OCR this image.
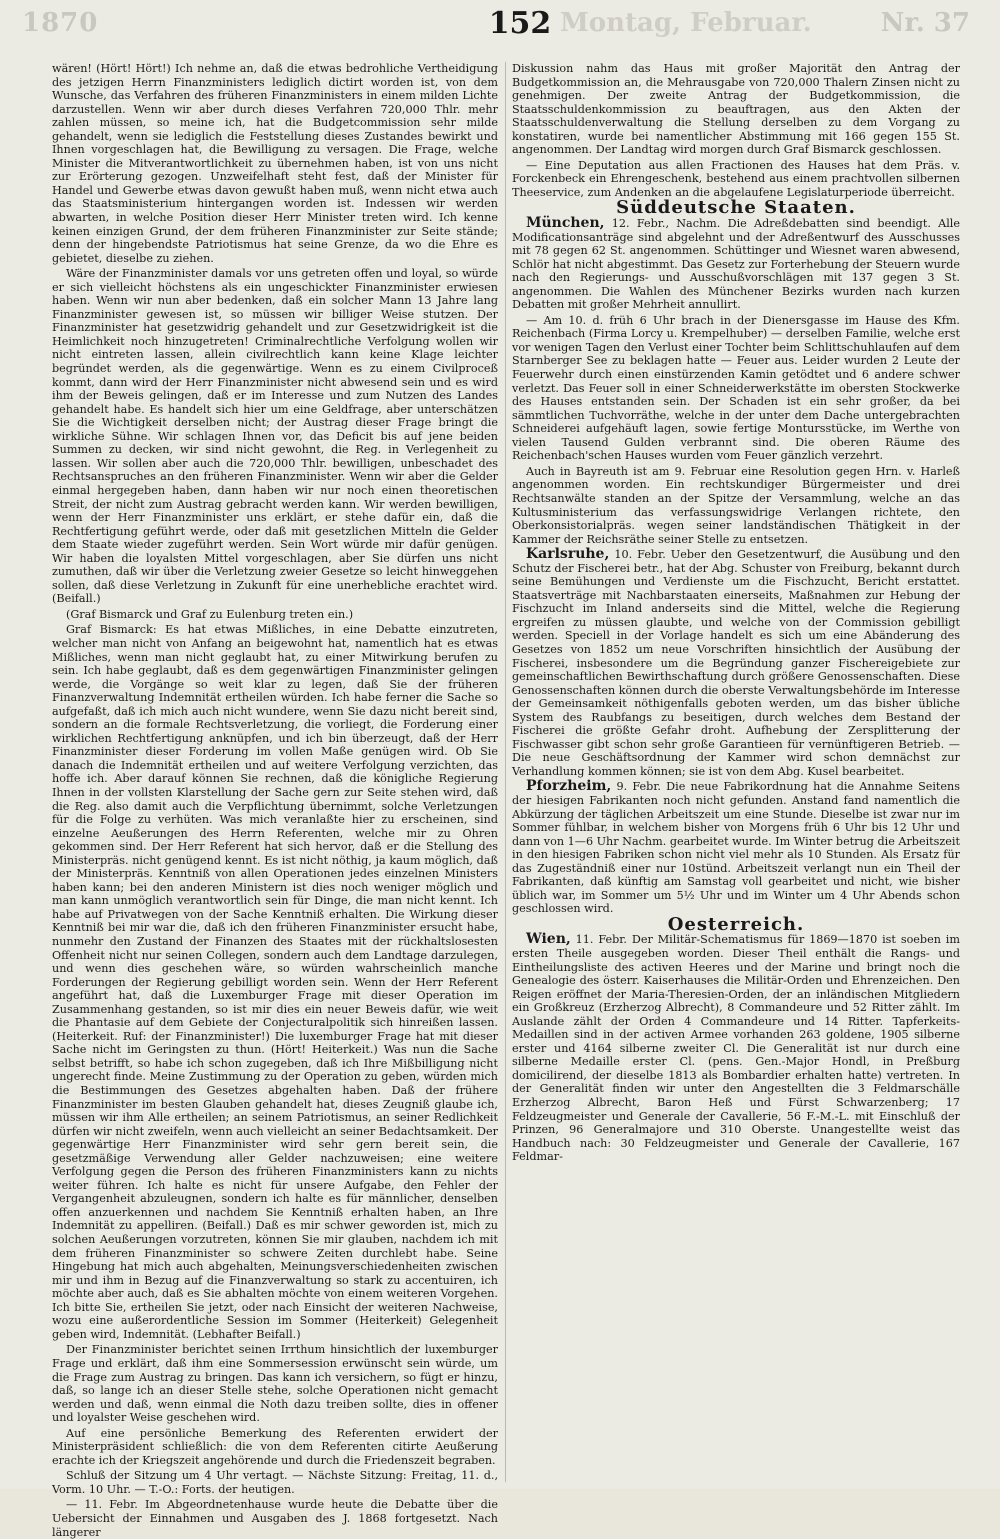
1870	152 Montag, Februar.	Nr. 37

wären! (Hört! Hört!) Ich nehme an, daß die etwas bedrohliche Vertheidigung des jetzigen Herrn Finanzministers lediglich dictirt worden ist, von dem Wunsche, das Verfahren des früheren Finanzministers in einem milden Lichte darzustellen. Wenn wir aber durch dieses Verfahren 720,000 Thlr. mehr zahlen müssen, so meine ich, hat die Budgetcommission sehr milde gehandelt, wenn sie lediglich die Feststellung dieses Zustandes bewirkt und Ihnen vorgeschlagen hat, die Bewilligung zu versagen. Die Frage, welche Minister die Mitverantwortlichkeit zu übernehmen haben, ist von uns nicht zur Erörterung gezogen. Unzweifelhaft steht fest, daß der Minister für Handel und Gewerbe etwas davon gewußt haben muß, wenn nicht etwa auch das Staatsministerium hintergangen worden ist. Indessen wir werden abwarten, in welche Position dieser Herr Minister treten wird. Ich kenne keinen einzigen Grund, der dem früheren Finanzminister zur Seite stände; denn der hingebendste Patriotismus hat seine Grenze, da wo die Ehre es gebietet, dieselbe zu ziehen.

Wäre der Finanzminister damals vor uns getreten offen und loyal, so würde er sich vielleicht höchstens als ein ungeschickter Finanzminister erwiesen haben. Wenn wir nun aber bedenken, daß ein solcher Mann 13 Jahre lang Finanzminister gewesen ist, so müssen wir billiger Weise stutzen. Der Finanzminister hat gesetzwidrig gehandelt und zur Gesetzwidrigkeit ist die Heimlichkeit noch hinzugetreten! Criminalrechtliche Verfolgung wollen wir nicht eintreten lassen, allein civilrechtlich kann keine Klage leichter begründet werden, als die gegenwärtige. Wenn es zu einem Civilproceß kommt, dann wird der Herr Finanzminister nicht abwesend sein und es wird ihm der Beweis gelingen, daß er im Interesse und zum Nutzen des Landes gehandelt habe. Es handelt sich hier um eine Geldfrage, aber unterschätzen Sie die Wichtigkeit derselben nicht; der Austrag dieser Frage bringt die wirkliche Sühne. Wir schlagen Ihnen vor, das Deficit bis auf jene beiden Summen zu decken, wir sind nicht gewohnt, die Reg. in Verlegenheit zu lassen. Wir sollen aber auch die 720,000 Thlr. bewilligen, unbeschadet des Rechtsanspruches an den früheren Finanzminister. Wenn wir aber die Gelder einmal hergegeben haben, dann haben wir nur noch einen theoretischen Streit, der nicht zum Austrag gebracht werden kann. Wir werden bewilligen, wenn der Herr Finanzminister uns erklärt, er stehe dafür ein, daß die Rechtfertigung geführt werde, oder daß mit gesetzlichen Mitteln die Gelder dem Staate wieder zugeführt werden. Sein Wort würde mir dafür genügen. Wir haben die loyalsten Mittel vorgeschlagen, aber Sie dürfen uns nicht zumuthen, daß wir über die Verletzung zweier Gesetze so leicht hinweggehen sollen, daß diese Verletzung in Zukunft für eine unerhebliche erachtet wird. (Beifall.)

(Graf Bismarck und Graf zu Eulenburg treten ein.)

Graf Bismarck: Es hat etwas Mißliches, in eine Debatte einzutreten, welcher man nicht von Anfang an beigewohnt hat, namentlich hat es etwas Mißliches, wenn man nicht geglaubt hat, zu einer Mitwirkung berufen zu sein. Ich habe geglaubt, daß es dem gegenwärtigen Finanzminister gelingen werde, die Vorgänge so weit klar zu legen, daß Sie der früheren Finanzverwaltung Indemnität ertheilen würden. Ich habe ferner die Sache so aufgefaßt, daß ich mich auch nicht wundere, wenn Sie dazu nicht bereit sind, sondern an die formale Rechtsverletzung, die vorliegt, die Forderung einer wirklichen Rechtfertigung anknüpfen, und ich bin überzeugt, daß der Herr Finanzminister dieser Forderung im vollen Maße genügen wird. Ob Sie danach die Indemnität ertheilen und auf weitere Verfolgung verzichten, das hoffe ich. Aber darauf können Sie rechnen, daß die königliche Regierung Ihnen in der vollsten Klarstellung der Sache gern zur Seite stehen wird, daß die Reg. also damit auch die Verpflichtung übernimmt, solche Verletzungen für die Folge zu verhüten. Was mich veranlaßte hier zu erscheinen, sind einzelne Aeußerungen des Herrn Referenten, welche mir zu Ohren gekommen sind. Der Herr Referent hat sich hervor, daß er die Stellung des Ministerpräs. nicht genügend kennt. Es ist nicht nöthig, ja kaum möglich, daß der Ministerpräs. Kenntniß von allen Operationen jedes einzelnen Ministers haben kann; bei den anderen Ministern ist dies noch weniger möglich und man kann unmöglich verantwortlich sein für Dinge, die man nicht kennt. Ich habe auf Privatwegen von der Sache Kenntniß erhalten. Die Wirkung dieser Kenntniß bei mir war die, daß ich den früheren Finanzminister ersucht habe, nunmehr den Zustand der Finanzen des Staates mit der rückhaltslosesten Offenheit nicht nur seinen Collegen, sondern auch dem Landtage darzulegen, und wenn dies geschehen wäre, so würden wahrscheinlich manche Forderungen der Regierung gebilligt worden sein. Wenn der Herr Referent angeführt hat, daß die Luxemburger Frage mit dieser Operation im Zusammenhang gestanden, so ist mir dies ein neuer Beweis dafür, wie weit die Phantasie auf dem Gebiete der Conjecturalpolitik sich hinreißen lassen. (Heiterkeit. Ruf: der Finanzminister!) Die luxemburger Frage hat mit dieser Sache nicht im Geringsten zu thun. (Hört! Heiterkeit.) Was nun die Sache selbst betrifft, so habe ich schon zugegeben, daß ich Ihre Mißbilligung nicht ungerecht finde. Meine Zustimmung zu der Operation zu geben, würden mich die Bestimmungen des Gesetzes abgehalten haben. Daß der frühere Finanzminister im besten Glauben gehandelt hat, dieses Zeugniß glaube ich, müssen wir ihm Alle ertheilen; an seinem Patriotismus, an seiner Redlichkeit dürfen wir nicht zweifeln, wenn auch vielleicht an seiner Bedachtsamkeit. Der gegenwärtige Herr Finanzminister wird sehr gern bereit sein, die gesetzmäßige Verwendung aller Gelder nachzuweisen; eine weitere Verfolgung gegen die Person des früheren Finanzministers kann zu nichts weiter führen. Ich halte es nicht für unsere Aufgabe, den Fehler der Vergangenheit abzuleugnen, sondern ich halte es für männlicher, denselben offen anzuerkennen und nachdem Sie Kenntniß erhalten haben, an Ihre Indemnität zu appelliren. (Beifall.) Daß es mir schwer geworden ist, mich zu solchen Aeußerungen vorzutreten, können Sie mir glauben, nachdem ich mit dem früheren Finanzminister so schwere Zeiten durchlebt habe. Seine Hingebung hat mich auch abgehalten, Meinungsverschiedenheiten zwischen mir und ihm in Bezug auf die Finanzverwaltung so stark zu accentuiren, ich möchte aber auch, daß es Sie abhalten möchte von einem weiteren Vorgehen. Ich bitte Sie, ertheilen Sie jetzt, oder nach Einsicht der weiteren Nachweise, wozu eine außerordentliche Session im Sommer (Heiterkeit) Gelegenheit geben wird, Indemnität. (Lebhafter Beifall.)

Der Finanzminister berichtet seinen Irrthum hinsichtlich der luxemburger Frage und erklärt, daß ihm eine Sommersession erwünscht sein würde, um die Frage zum Austrag zu bringen. Das kann ich versichern, so fügt er hinzu, daß, so lange ich an dieser Stelle stehe, solche Operationen nicht gemacht werden und daß, wenn einmal die Noth dazu treiben sollte, dies in offener und loyalster Weise geschehen wird.

Auf eine persönliche Bemerkung des Referenten erwidert der Ministerpräsident schließlich: die von dem Referenten citirte Aeußerung erachte ich der Kriegszeit angehörende und durch die Friedenszeit begraben.

Schluß der Sitzung um 4 Uhr vertagt. — Nächste Sitzung: Freitag, 11. d., Vorm. 10 Uhr. — T.-O.: Forts. der heutigen.

— 11. Febr. Im Abgeordnetenhause wurde heute die Debatte über die Uebersicht der Einnahmen und Ausgaben des J. 1868 fortgesetzt. Nach längerer

Diskussion nahm das Haus mit großer Majorität den Antrag der Budgetkommission an, die Mehrausgabe von 720,000 Thalern Zinsen nicht zu genehmigen. Der zweite Antrag der Budgetkommission, die Staatsschuldenkommission zu beauftragen, aus den Akten der Staatsschuldenverwaltung die Stellung derselben zu dem Vorgang zu konstatiren, wurde bei namentlicher Abstimmung mit 166 gegen 155 St. angenommen. Der Landtag wird morgen durch Graf Bismarck geschlossen.

— Eine Deputation aus allen Fractionen des Hauses hat dem Präs. v. Forckenbeck ein Ehrengeschenk, bestehend aus einem prachtvollen silbernen Theeservice, zum Andenken an die abgelaufene Legislaturperiode überreicht.

Süddeutsche Staaten.

München, 12. Febr., Nachm. Die Adreßdebatten sind beendigt. Alle Modificationsanträge sind abgelehnt und der Adreßentwurf des Ausschusses mit 78 gegen 62 St. angenommen. Schüttinger und Wiesnet waren abwesend, Schlör hat nicht abgestimmt. Das Gesetz zur Forterhebung der Steuern wurde nach den Regierungs- und Ausschußvorschlägen mit 137 gegen 3 St. angenommen. Die Wahlen des Münchener Bezirks wurden nach kurzen Debatten mit großer Mehrheit annullirt.

— Am 10. d. früh 6 Uhr brach in der Dienersgasse im Hause des Kfm. Reichenbach (Firma Lorcy u. Krempelhuber) — derselben Familie, welche erst vor wenigen Tagen den Verlust einer Tochter beim Schlittschuhlaufen auf dem Starnberger See zu beklagen hatte — Feuer aus. Leider wurden 2 Leute der Feuerwehr durch einen einstürzenden Kamin getödtet und 6 andere schwer verletzt. Das Feuer soll in einer Schneiderwerkstätte im obersten Stockwerke des Hauses entstanden sein. Der Schaden ist ein sehr großer, da bei sämmtlichen Tuchvorräthe, welche in der unter dem Dache untergebrachten Schneiderei aufgehäuft lagen, sowie fertige Montursstücke, im Werthe von vielen Tausend Gulden verbrannt sind. Die oberen Räume des Reichenbach'schen Hauses wurden vom Feuer gänzlich verzehrt.

Auch in Bayreuth ist am 9. Februar eine Resolution gegen Hrn. v. Harleß angenommen worden. Ein rechtskundiger Bürgermeister und drei Rechtsanwälte standen an der Spitze der Versammlung, welche an das Kultusministerium das verfassungswidrige Verlangen richtete, den Oberkonsistorialpräs. wegen seiner landständischen Thätigkeit in der Kammer der Reichsräthe seiner Stelle zu entsetzen.

Karlsruhe, 10. Febr. Ueber den Gesetzentwurf, die Ausübung und den Schutz der Fischerei betr., hat der Abg. Schuster von Freiburg, bekannt durch seine Bemühungen und Verdienste um die Fischzucht, Bericht erstattet. Staatsverträge mit Nachbarstaaten einerseits, Maßnahmen zur Hebung der Fischzucht im Inland anderseits sind die Mittel, welche die Regierung ergreifen zu müssen glaubte, und welche von der Commission gebilligt werden. Speciell in der Vorlage handelt es sich um eine Abänderung des Gesetzes von 1852 um neue Vorschriften hinsichtlich der Ausübung der Fischerei, insbesondere um die Begründung ganzer Fischereigebiete zur gemeinschaftlichen Bewirthschaftung durch größere Genossenschaften. Diese Genossenschaften können durch die oberste Verwaltungsbehörde im Interesse der Gemeinsamkeit nöthigenfalls geboten werden, um das bisher übliche System des Raubfangs zu beseitigen, durch welches dem Bestand der Fischerei die größte Gefahr droht. Aufhebung der Zersplitterung der Fischwasser gibt schon sehr große Garantieen für vernünftigeren Betrieb. — Die neue Geschäftsordnung der Kammer wird schon demnächst zur Verhandlung kommen können; sie ist von dem Abg. Kusel bearbeitet.

Pforzheim, 9. Febr. Die neue Fabrikordnung hat die Annahme Seitens der hiesigen Fabrikanten noch nicht gefunden. Anstand fand namentlich die Abkürzung der täglichen Arbeitszeit um eine Stunde. Dieselbe ist zwar nur im Sommer fühlbar, in welchem bisher von Morgens früh 6 Uhr bis 12 Uhr und dann von 1—6 Uhr Nachm. gearbeitet wurde. Im Winter betrug die Arbeitszeit in den hiesigen Fabriken schon nicht viel mehr als 10 Stunden. Als Ersatz für das Zugeständniß einer nur 10stünd. Arbeitszeit verlangt nun ein Theil der Fabrikanten, daß künftig am Samstag voll gearbeitet und nicht, wie bisher üblich war, im Sommer um 5½ Uhr und im Winter um 4 Uhr Abends schon geschlossen wird.

Oesterreich.

Wien, 11. Febr. Der Militär-Schematismus für 1869—1870 ist soeben im ersten Theile ausgegeben worden. Dieser Theil enthält die Rangs- und Eintheilungsliste des activen Heeres und der Marine und bringt noch die Genealogie des österr. Kaiserhauses die Militär-Orden und Ehrenzeichen. Den Reigen eröffnet der Maria-Theresien-Orden, der an inländischen Mitgliedern ein Großkreuz (Erzherzog Albrecht), 8 Commandeure und 52 Ritter zählt. Im Auslande zählt der Orden 4 Commandeure und 14 Ritter. Tapferkeits-Medaillen sind in der activen Armee vorhanden 263 goldene, 1905 silberne erster und 4164 silberne zweiter Cl. Die Generalität ist nur durch eine silberne Medaille erster Cl. (pens. Gen.-Major Hondl, in Preßburg domicilirend, der dieselbe 1813 als Bombardier erhalten hatte) vertreten. In der Generalität finden wir unter den Angestellten die 3 Feldmarschälle Erzherzog Albrecht, Baron Heß und Fürst Schwarzenberg; 17 Feldzeugmeister und Generale der Cavallerie, 56 F.-M.-L. mit Einschluß der Prinzen, 96 Generalmajore und 310 Oberste. Unangestellte weist das Handbuch nach: 30 Feldzeugmeister und Generale der Cavallerie, 167 Feldmar-
